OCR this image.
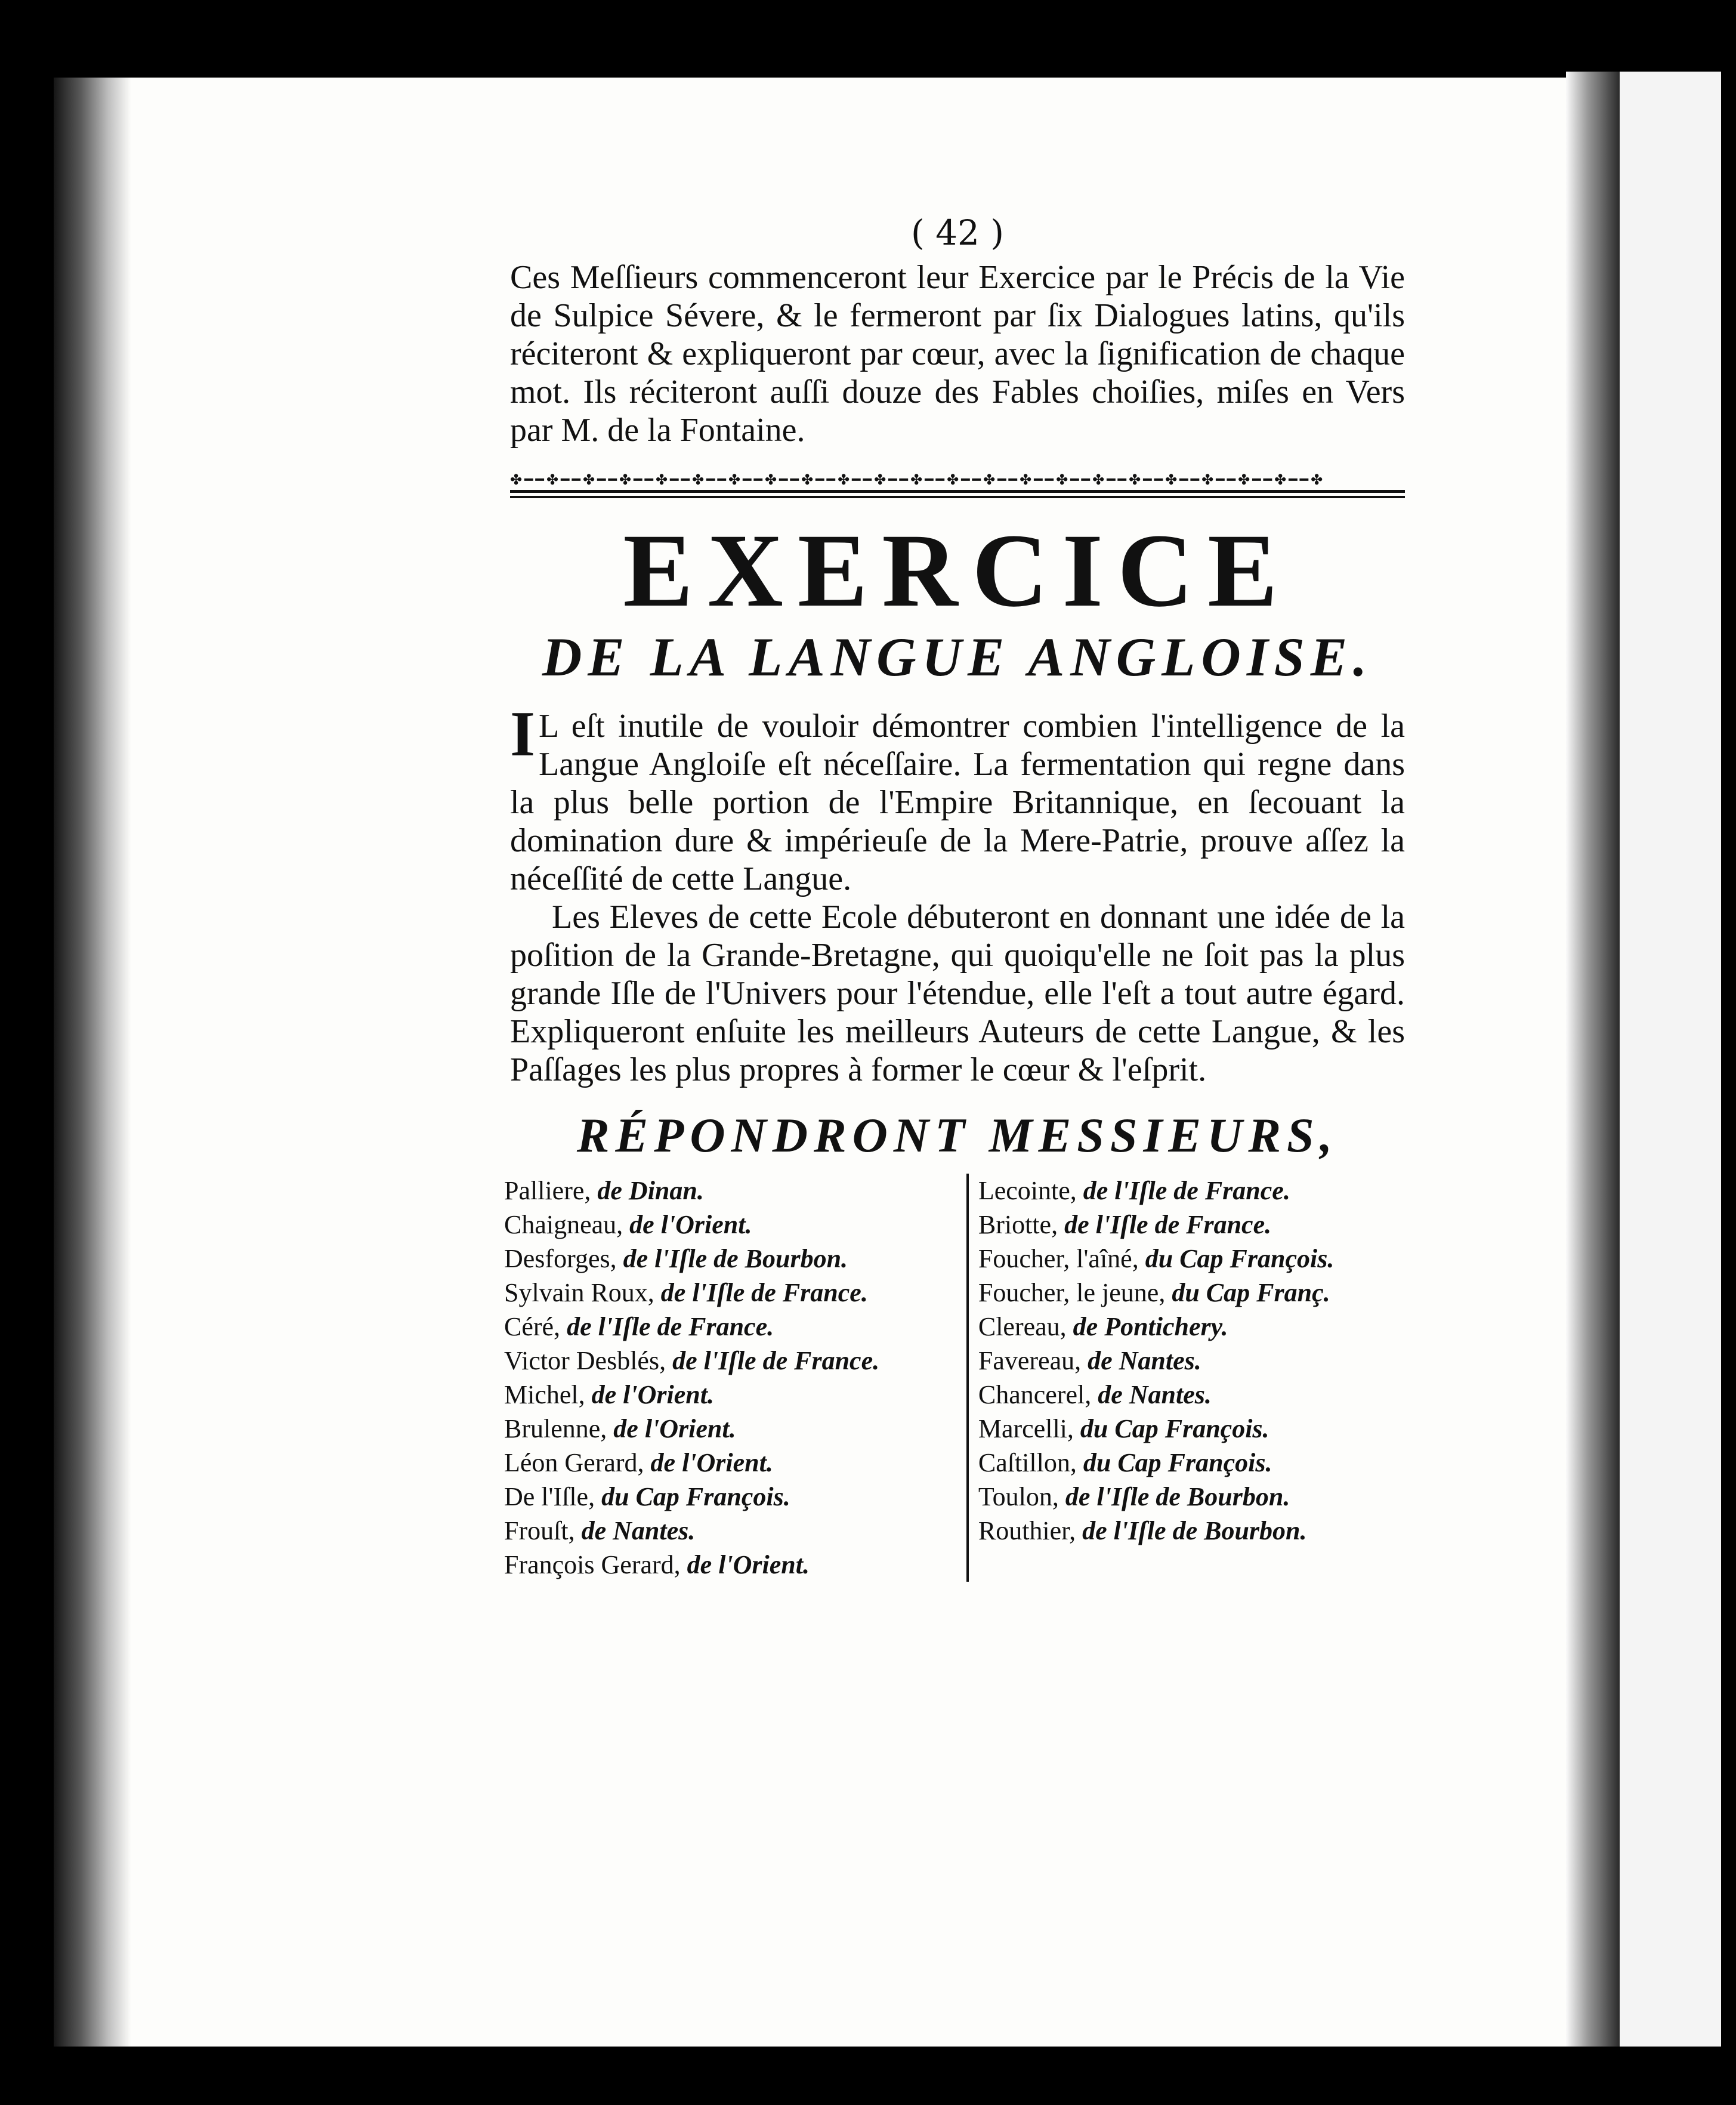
( 42 )

Ces Meſſieurs commenceront leur Exercice par le Précis de la Vie de Sulpice Sévere, & le fermeront par ſix Dialogues latins, qu'ils réciteront & expliqueront par cœur, avec la ſignification de chaque mot. Ils réciteront auſſi douze des Fables choiſies, miſes en Vers par M. de la Fontaine.

✤━━✤━━✤━━✤━━✤━━✤━━✤━━✤━━✤━━✤━━✤━━✤━━✤━━✤━━✤━━✤━━✤━━✤━━✤━━✤━━✤━━✤━━✤
EXERCICE
DE LA LANGUE ANGLOISE.

IL eſt inutile de vouloir démontrer combien l'intelligence de la Langue Angloiſe eſt néceſſaire. La fermentation qui regne dans la plus belle portion de l'Empire Britannique, en ſecouant la domination dure & impérieuſe de la Mere-Patrie, prouve aſſez la néceſſité de cette Langue.

Les Eleves de cette Ecole débuteront en donnant une idée de la poſition de la Grande-Bretagne, qui quoiqu'elle ne ſoit pas la plus grande Iſle de l'Univers pour l'étendue, elle l'eſt a tout autre égard. Expliqueront enſuite les meilleurs Auteurs de cette Langue, & les Paſſages les plus propres à former le cœur & l'eſprit.

RÉPONDRONT MESSIEURS,
Palliere, de Dinan.
Chaigneau, de l'Orient.
Desforges, de l'Iſle de Bourbon.
Sylvain Roux, de l'Iſle de France.
Céré, de l'Iſle de France.
Victor Desblés, de l'Iſle de France.
Michel, de l'Orient.
Brulenne, de l'Orient.
Léon Gerard, de l'Orient.
De l'Iſle, du Cap François.
Frouſt, de Nantes.
François Gerard, de l'Orient.
Lecointe, de l'Iſle de France.
Briotte, de l'Iſle de France.
Foucher, l'aîné, du Cap François.
Foucher, le jeune, du Cap Franç.
Clereau, de Pontichery.
Favereau, de Nantes.
Chancerel, de Nantes.
Marcelli, du Cap François.
Caſtillon, du Cap François.
Toulon, de l'Iſle de Bourbon.
Routhier, de l'Iſle de Bourbon.
